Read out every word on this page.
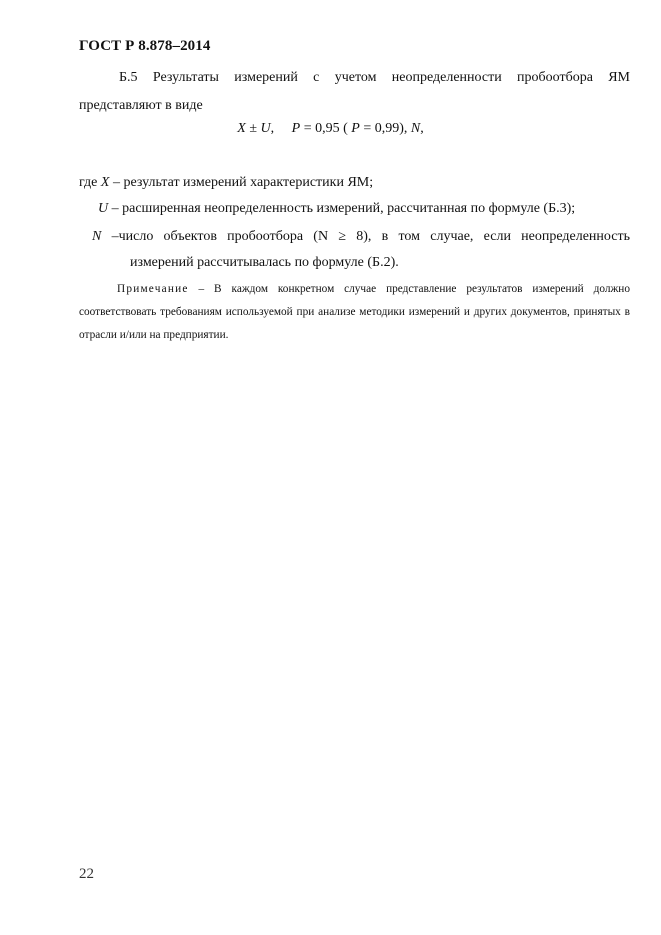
ГОСТ Р 8.878–2014
Б.5 Результаты измерений с учетом неопределенности пробоотбора ЯМ представляют в виде
X ± U,     P = 0,95 ( P = 0,99), N,
где X – результат измерений характеристики ЯМ;
U – расширенная неопределенность измерений, рассчитанная по формуле (Б.3);
N –число объектов пробоотбора (N ≥ 8), в том случае, если неопределенность
измерений рассчитывалась по формуле (Б.2).
Примечание – В каждом конкретном случае представление результатов измерений должно соответствовать требованиям используемой при анализе методики измерений и других документов, принятых в отрасли и/или на предприятии.
22
